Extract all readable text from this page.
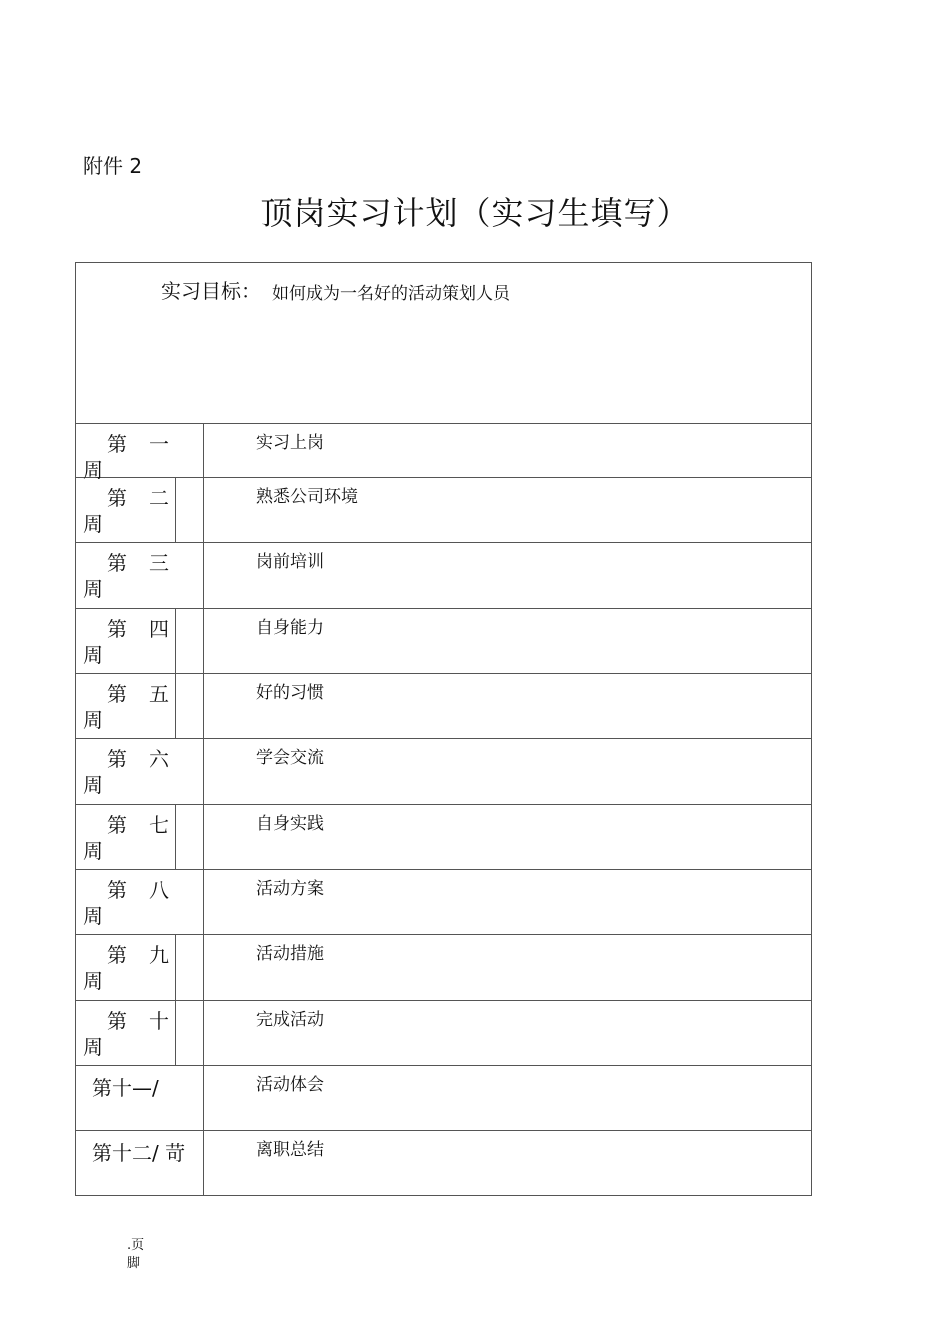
附件 2
顶岗实习计划（实习生填写）
实习目标： 如何成为一名好的活动策划人员
第 一
周
实习上岗
第 二
周
熟悉公司环境
第 三
周
岗前培训
第 四
周
自身能力
第 五
周
好的习惯
第 六
周
学会交流
第 七
周
自身实践
第 八
周
活动方案
第 九
周
活动措施
第 十
周
完成活动
第十—/	活动体会
第十二/ 苛	离职总结
.页
脚
